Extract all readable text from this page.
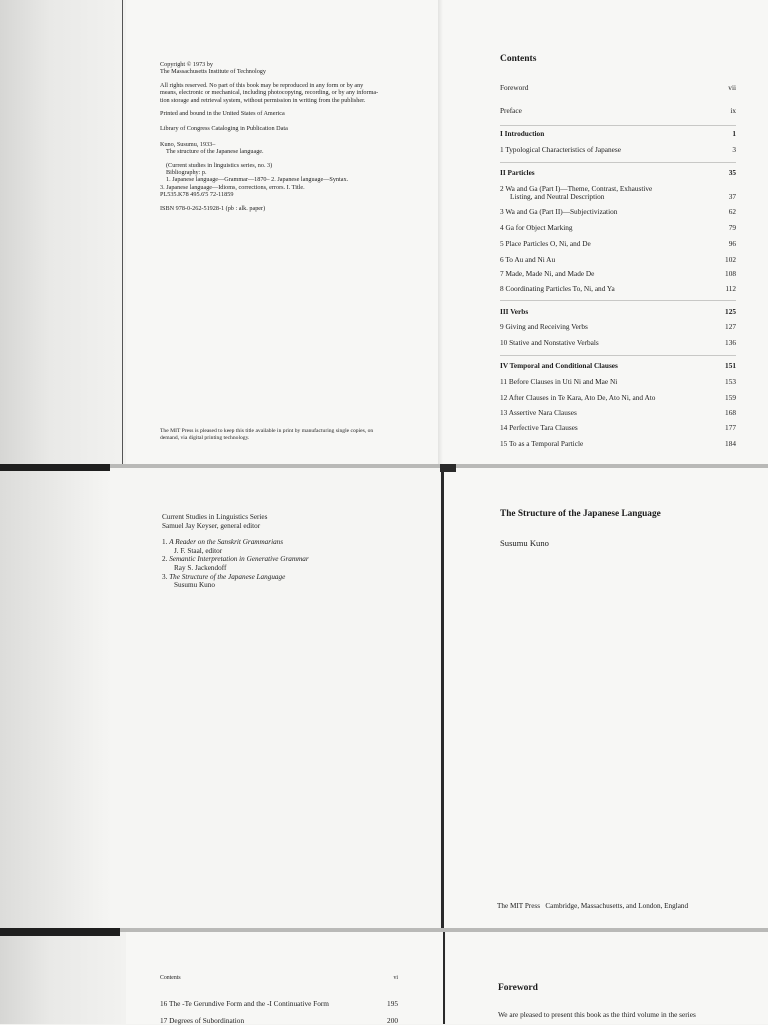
Copyright © 1973 by
The Massachusetts Institute of Technology
All rights reserved. No part of this book may be reproduced in any form or by any
means, electronic or mechanical, including photocopying, recording, or by any informa-
tion storage and retrieval system, without permission in writing from the publisher.
Printed and bound in the United States of America
Library of Congress Cataloging in Publication Data
Kuno, Susumu, 1933–
The structure of the Japanese language.
(Current studies in linguistics series, no. 3)
Bibliography: p.
1. Japanese language—Grammar—1870– 2. Japanese language—Syntax.
3. Japanese language—Idioms, corrections, errors. I. Title.
PL535.K78 495.6'5 72-11859
ISBN 978-0-262-51928-1 (pb : alk. paper)
The MIT Press is pleased to keep this title available in print by manufacturing single copies, on
demand, via digital printing technology.
Contents
Foreword	vii
Preface	ix
I Introduction	1
1 Typological Characteristics of Japanese	3
II Particles	35
2 Wa and Ga (Part I)—Theme, Contrast, Exhaustive
Listing, and Neutral Description	37
3 Wa and Ga (Part II)—Subjectivization	62
4 Ga for Object Marking	79
5 Place Particles O, Ni, and De	96
6 To Au and Ni Au	102
7 Made, Made Ni, and Made De	108
8 Coordinating Particles To, Ni, and Ya	112
III Verbs	125
9 Giving and Receiving Verbs	127
10 Stative and Nonstative Verbals	136
IV Temporal and Conditional Clauses	151
11 Before Clauses in Uti Ni and Mae Ni	153
12 After Clauses in Te Kara, Ato De, Ato Ni, and Ato	159
13 Assertive Nara Clauses	168
14 Perfective Tara Clauses	177
15 To as a Temporal Particle	184
Current Studies in Linguistics Series
Samuel Jay Keyser, general editor
1. A Reader on the Sanskrit Grammarians
J. F. Staal, editor
2. Semantic Interpretation in Generative Grammar
Ray S. Jackendoff
3. The Structure of the Japanese Language
Susumu Kuno
The Structure of the Japanese Language
Susumu Kuno
The MIT Press Cambridge, Massachusetts, and London, England
Contents	vi
16 The -Te Gerundive Form and the -I Continuative Form	195
17 Degrees of Subordination	200
Foreword
We are pleased to present this book as the third volume in the series
